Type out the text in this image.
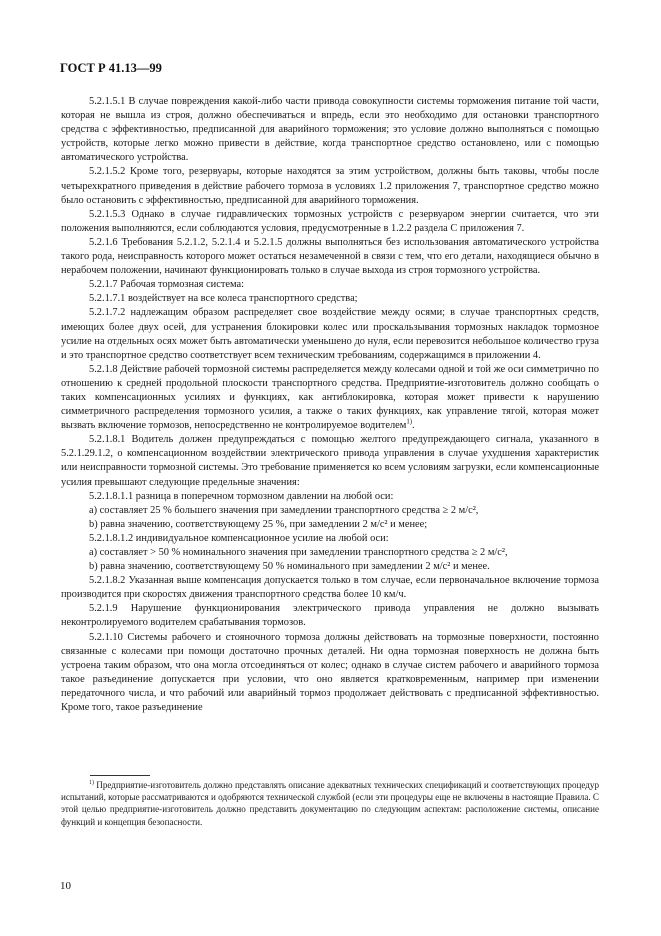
ГОСТ Р 41.13—99

5.2.1.5.1 В случае повреждения какой-либо части привода совокупности системы торможения питание той части, которая не вышла из строя, должно обеспечиваться и впредь, если это необходимо для остановки транспортного средства с эффективностью, предписанной для аварийного торможения; это условие должно выполняться с помощью устройств, которые легко можно привести в действие, когда транспортное средство остановлено, или с помощью автоматического устройства.

5.2.1.5.2 Кроме того, резервуары, которые находятся за этим устройством, должны быть таковы, чтобы после четырехкратного приведения в действие рабочего тормоза в условиях 1.2 приложения 7, транспортное средство можно было остановить с эффективностью, предписанной для аварийного торможения.

5.2.1.5.3 Однако в случае гидравлических тормозных устройств с резервуаром энергии считается, что эти положения выполняются, если соблюдаются условия, предусмотренные в 1.2.2 раздела С приложения 7.

5.2.1.6 Требования 5.2.1.2, 5.2.1.4 и 5.2.1.5 должны выполняться без использования автоматического устройства такого рода, неисправность которого может остаться незамеченной в связи с тем, что его детали, находящиеся обычно в нерабочем положении, начинают функционировать только в случае выхода из строя тормозного устройства.

5.2.1.7 Рабочая тормозная система:

5.2.1.7.1 воздействует на все колеса транспортного средства;

5.2.1.7.2 надлежащим образом распределяет свое воздействие между осями; в случае транспортных средств, имеющих более двух осей, для устранения блокировки колес или проскальзывания тормозных накладок тормозное усилие на отдельных осях может быть автоматически уменьшено до нуля, если перевозится небольшое количество груза и это транспортное средство соответствует всем техническим требованиям, содержащимся в приложении 4.

5.2.1.8 Действие рабочей тормозной системы распределяется между колесами одной и той же оси симметрично по отношению к средней продольной плоскости транспортного средства. Предприятие-изготовитель должно сообщать о таких компенсационных усилиях и функциях, как антиблокировка, которая может привести к нарушению симметричного распределения тормозного усилия, а также о таких функциях, как управление тягой, которая может вызвать включение тормозов, непосредственно не контролируемое водителем$^{1)}$.

5.2.1.8.1 Водитель должен предупреждаться с помощью желтого предупреждающего сигнала, указанного в 5.2.1.29.1.2, о компенсационном воздействии электрического привода управления в случае ухудшения характеристик или неисправности тормозной системы. Это требование применяется ко всем условиям загрузки, если компенсационные усилия превышают следующие предельные значения:

5.2.1.8.1.1 разница в поперечном тормозном давлении на любой оси:

а) составляет 25 % большего значения при замедлении транспортного средства ≥ 2 м/с²,

b) равна значению, соответствующему 25 %, при замедлении 2 м/с² и менее;

5.2.1.8.1.2 индивидуальное компенсационное усилие на любой оси:

а) составляет > 50 % номинального значения при замедлении транспортного средства ≥ 2 м/с²,

b) равна значению, соответствующему 50 % номинального при замедлении 2 м/с² и менее.

5.2.1.8.2 Указанная выше компенсация допускается только в том случае, если первоначальное включение тормоза производится при скоростях движения транспортного средства более 10 км/ч.

5.2.1.9 Нарушение функционирования электрического привода управления не должно вызывать неконтролируемого водителем срабатывания тормозов.

5.2.1.10 Системы рабочего и стояночного тормоза должны действовать на тормозные поверхности, постоянно связанные с колесами при помощи достаточно прочных деталей. Ни одна тормозная поверхность не должна быть устроена таким образом, что она могла отсоединяться от колес; однако в случае систем рабочего и аварийного тормоза такое разъединение допускается при условии, что оно является кратковременным, например при изменении передаточного числа, и что рабочий или аварийный тормоз продолжает действовать с предписанной эффективностью. Кроме того, такое разъединение

$^{1)}$ Предприятие-изготовитель должно представлять описание адекватных технических спецификаций и соответствующих процедур испытаний, которые рассматриваются и одобряются технической службой (если эти процедуры еще не включены в настоящие Правила. С этой целью предприятие-изготовитель должно представить документацию по следующим аспектам: расположение системы, описание функций и концепция безопасности.

10
